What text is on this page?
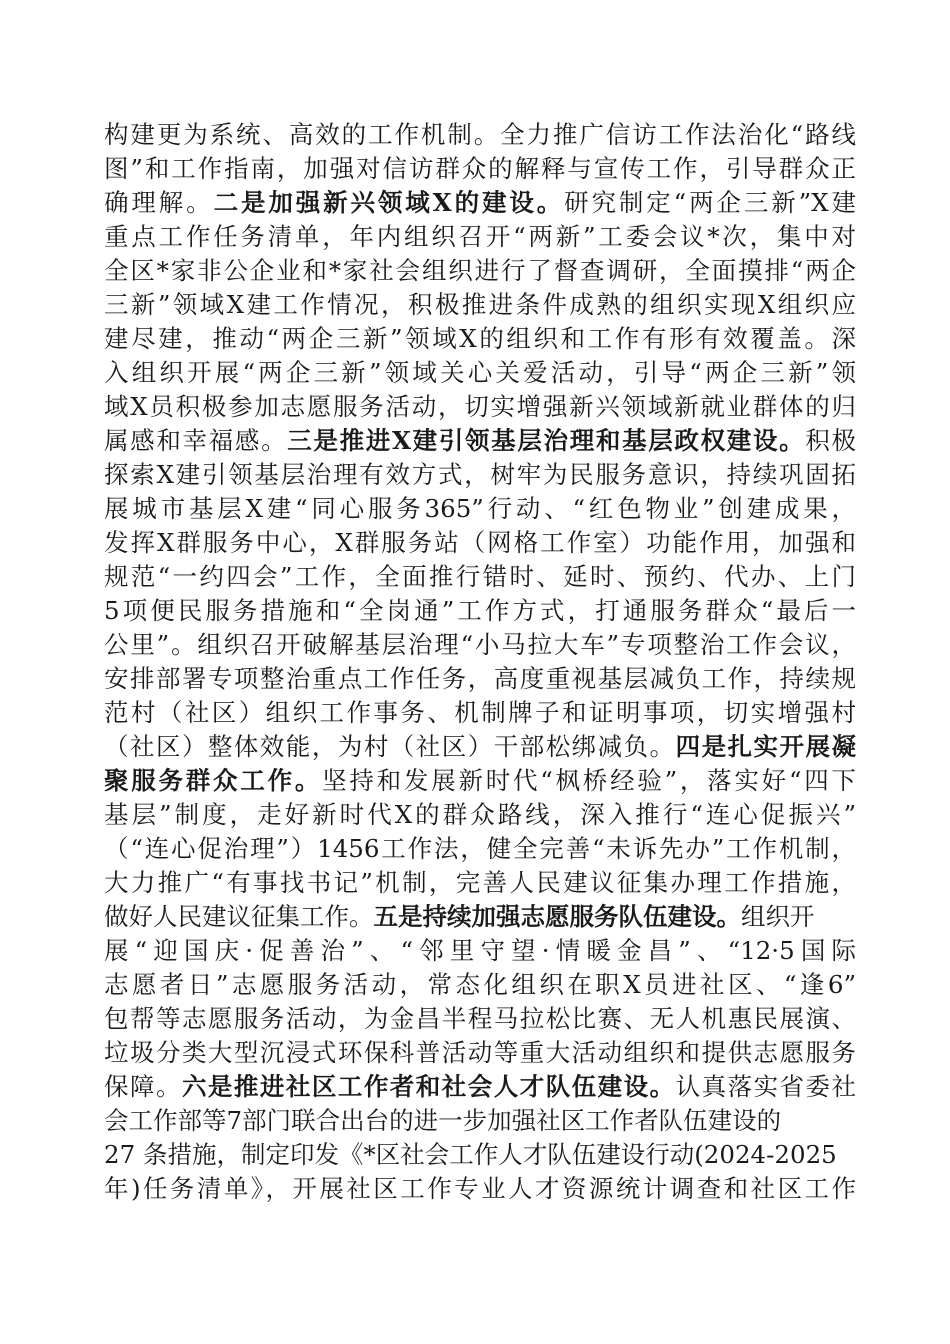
构建更为系统、高效的工作机制。全力推广信访工作法治化“路线
图”和工作指南，加强对信访群众的解释与宣传工作，引导群众正
确理解。二是加强新兴领域X的建设。研究制定“两企三新”X建
重点工作任务清单，年内组织召开“两新”工委会议*次，集中对
全区*家非公企业和*家社会组织进行了督查调研，全面摸排“两企
三新”领域X建工作情况，积极推进条件成熟的组织实现X组织应
建尽建，推动“两企三新”领域X的组织和工作有形有效覆盖。深
入组织开展“两企三新”领域关心关爱活动，引导“两企三新”领
域X员积极参加志愿服务活动，切实增强新兴领域新就业群体的归
属感和幸福感。三是推进X建引领基层治理和基层政权建设。积极
探索X建引领基层治理有效方式，树牢为民服务意识，持续巩固拓
展城市基层X建“同心服务365”行动、“红色物业”创建成果，
发挥X群服务中心，X群服务站（网格工作室）功能作用，加强和
规范“一约四会”工作，全面推行错时、延时、预约、代办、上门
5项便民服务措施和“全岗通”工作方式，打通服务群众“最后一
公里”。组织召开破解基层治理“小马拉大车”专项整治工作会议，
安排部署专项整治重点工作任务，高度重视基层减负工作，持续规
范村（社区）组织工作事务、机制牌子和证明事项，切实增强村
（社区）整体效能，为村（社区）干部松绑减负。四是扎实开展凝
聚服务群众工作。坚持和发展新时代“枫桥经验”，落实好“四下
基层”制度，走好新时代X的群众路线，深入推行“连心促振兴”
（“连心促治理”）1456工作法，健全完善“未诉先办”工作机制，
大力推广“有事找书记”机制，完善人民建议征集办理工作措施，
做好人民建议征集工作。五是持续加强志愿服务队伍建设。组织开
展“迎国庆·促善治”、“邻里守望·情暖金昌”、“12·5国际
志愿者日”志愿服务活动，常态化组织在职X员进社区、“逢6”
包帮等志愿服务活动，为金昌半程马拉松比赛、无人机惠民展演、
垃圾分类大型沉浸式环保科普活动等重大活动组织和提供志愿服务
保障。六是推进社区工作者和社会人才队伍建设。认真落实省委社
会工作部等7部门联合出台的进一步加强社区工作者队伍建设的
27 条措施，制定印发《*区社会工作人才队伍建设行动(2024-2025
年)任务清单》，开展社区工作专业人才资源统计调查和社区工作
